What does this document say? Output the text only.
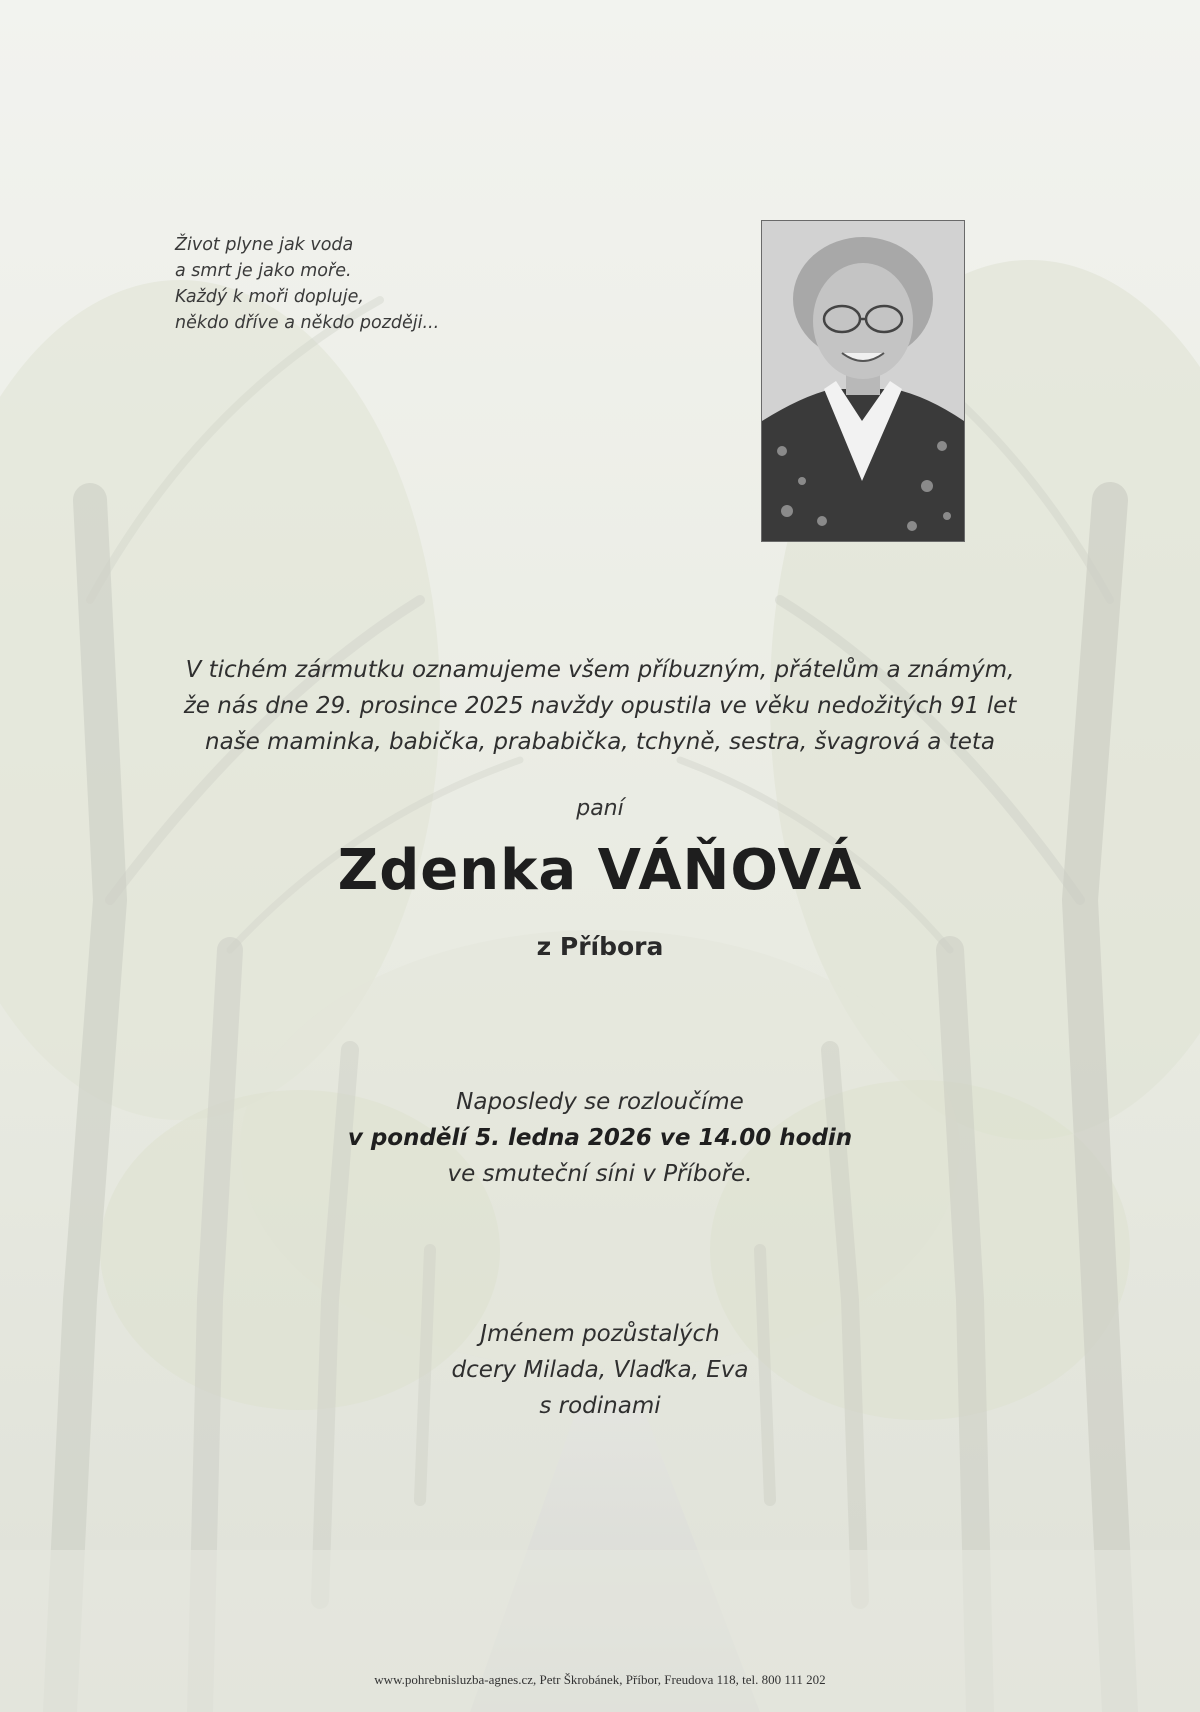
Život plyne jak voda
a smrt je jako moře.
Každý k moři dopluje,
někdo dříve a někdo později...
V tichém zármutku oznamujeme všem příbuzným, přátelům a známým,
že nás dne 29. prosince 2025 navždy opustila ve věku nedožitých 91 let
naše maminka, babička, prababička, tchyně, sestra, švagrová a teta
paní
Zdenka VÁŇOVÁ
z Příbora
Naposledy se rozloučíme
v pondělí 5. ledna 2026 ve 14.00 hodin
ve smuteční síni v Příboře.
Jménem pozůstalých
dcery Milada, Vlaďka, Eva
s rodinami
www.pohrebnisluzba-agnes.cz, Petr Škrobánek, Příbor, Freudova 118, tel. 800 111 202
